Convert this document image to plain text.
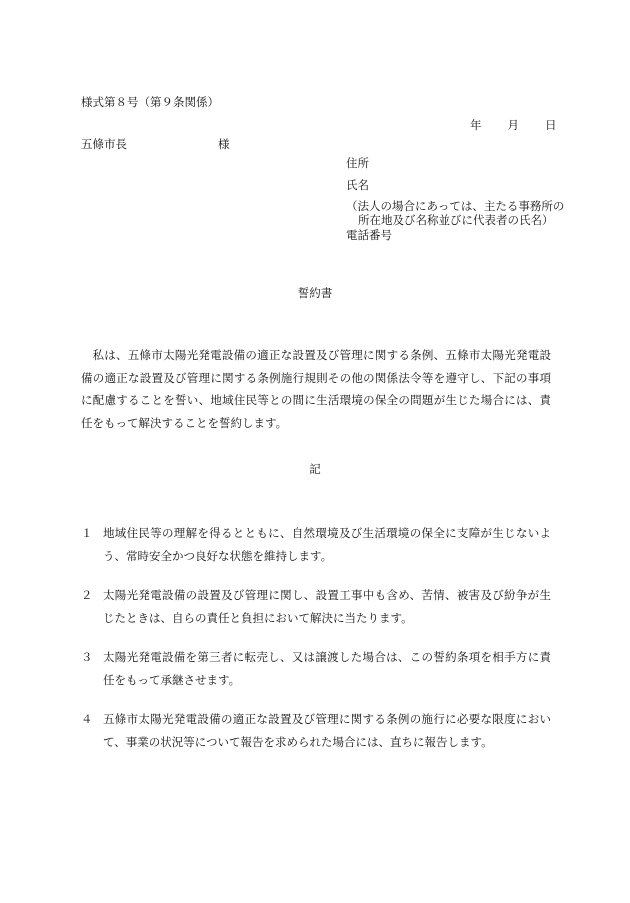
様式第８号（第９条関係）
年 月 日
五條市長	様
住所
氏名
（法人の場合にあっては、主たる事務所の
所在地及び名称並びに代表者の氏名）
電話番号
誓約書
私は、五條市太陽光発電設備の適正な設置及び管理に関する条例、五條市太陽光発電設備の適正な設置及び管理に関する条例施行規則その他の関係法令等を遵守し、下記の事項に配慮することを誓い、地域住民等との間に生活環境の保全の問題が生じた場合には、責任をもって解決することを誓約します。
記
１ 地域住民等の理解を得るとともに、自然環境及び生活環境の保全に支障が生じないよう、常時安全かつ良好な状態を維持します。
２ 太陽光発電設備の設置及び管理に関し、設置工事中も含め、苦情、被害及び紛争が生じたときは、自らの責任と負担において解決に当たります。
３ 太陽光発電設備を第三者に転売し、又は譲渡した場合は、この誓約条項を相手方に責任をもって承継させます。
４ 五條市太陽光発電設備の適正な設置及び管理に関する条例の施行に必要な限度において、事業の状況等について報告を求められた場合には、直ちに報告します。
